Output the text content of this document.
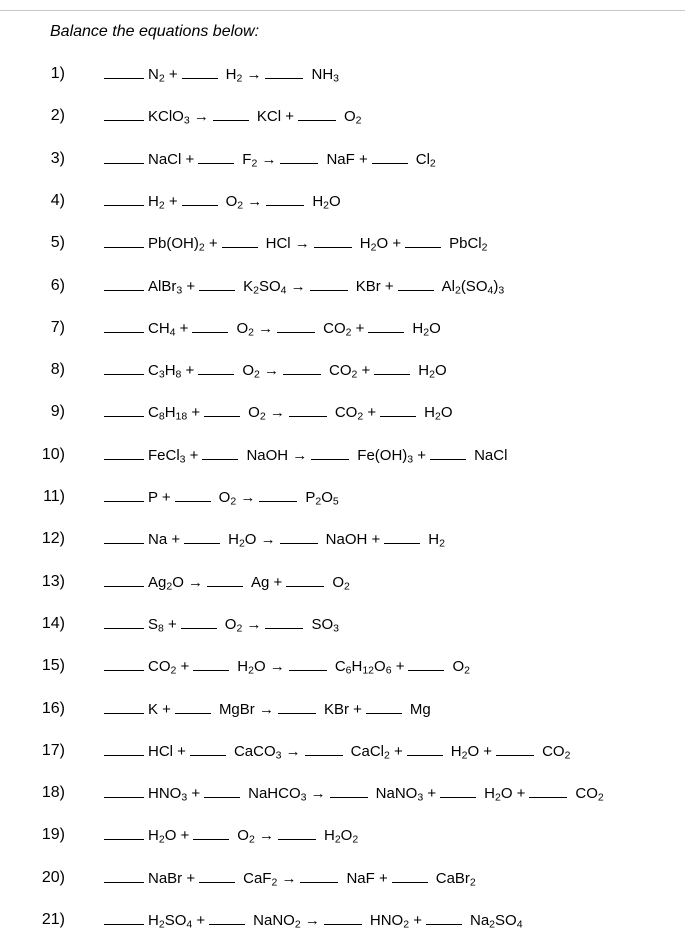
Balance the equations below:
1)	$N_2$ +	$H_2$ →	$NH_3$
2)	KClO$_3$ →	KCl +	$O_2$
3)	NaCl +	$F_2$ →	NaF +	$Cl_2$
4)	$H_2$ +	$O_2$ →	$H_2O$
5)	$Pb(OH)_2$ +	HCl →	$H_2O$ +	PbCl$_2$
6)	AlBr$_3$ +	$K_2SO_4$ →	KBr +	$Al_2(SO_4)_3$
7)	$CH_4$ +	$O_2$ →	$CO_2$ +	$H_2O$
8)	$C_3H_8$ +	$O_2$ →	$CO_2$ +	$H_2O$
9)	$C_8H_{18}$ +	$O_2$ →	$CO_2$ +	$H_2O$
10)	FeCl$_3$ +	NaOH →	$Fe(OH)_3$ +	NaCl
11)	P +	$O_2$ →	$P_2O_5$
12)	Na +	$H_2O$ →	NaOH +	$H_2$
13)	$Ag_2O$ →	Ag +	$O_2$
14)	$S_8$ +	$O_2$ →	$SO_3$
15)	$CO_2$ +	$H_2O$ →	$C_6H_{12}O_6$ +	$O_2$
16)	K +	MgBr →	KBr +	Mg
17)	HCl +	CaCO$_3$ →	CaCl$_2$ +	$H_2O$ +	$CO_2$
18)	$HNO_3$ +	NaHCO$_3$ →	NaNO$_3$ +	$H_2O$ +	$CO_2$
19)	$H_2O$ +	$O_2$ →	$H_2O_2$
20)	NaBr +	CaF$_2$ →	NaF +	CaBr$_2$
21)	$H_2SO_4$ +	NaNO$_2$ →	$HNO_2$ +	$Na_2SO_4$
